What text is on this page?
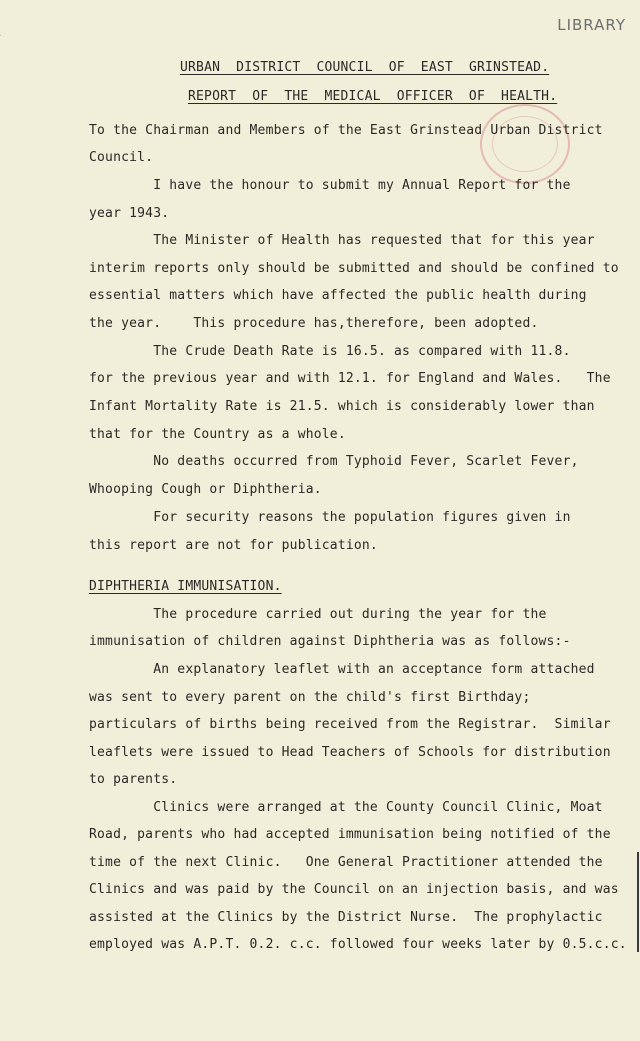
LIBRARY
URBAN  DISTRICT  COUNCIL  OF  EAST  GRINSTEAD.
REPORT  OF  THE  MEDICAL  OFFICER  OF  HEALTH.
To the Chairman and Members of the East Grinstead Urban District
Council.
I have the honour to submit my Annual Report for the
year 1943.
The Minister of Health has requested that for this year
interim reports only should be submitted and should be confined to
essential matters which have affected the public health during
the year.    This procedure has,therefore, been adopted.
The Crude Death Rate is 16.5. as compared with 11.8.
for the previous year and with 12.1. for England and Wales.   The
Infant Mortality Rate is 21.5. which is considerably lower than
that for the Country as a whole.
No deaths occurred from Typhoid Fever, Scarlet Fever,
Whooping Cough or Diphtheria.
For security reasons the population figures given in
this report are not for publication.
DIPHTHERIA IMMUNISATION.
The procedure carried out during the year for the
immunisation of children against Diphtheria was as follows:-
An explanatory leaflet with an acceptance form attached
was sent to every parent on the child's first Birthday;
particulars of births being received from the Registrar.  Similar
leaflets were issued to Head Teachers of Schools for distribution
to parents.
Clinics were arranged at the County Council Clinic, Moat
Road, parents who had accepted immunisation being notified of the
time of the next Clinic.   One General Practitioner attended the
Clinics and was paid by the Council on an injection basis, and was
assisted at the Clinics by the District Nurse.  The prophylactic
employed was A.P.T. 0.2. c.c. followed four weeks later by 0.5.c.c.
